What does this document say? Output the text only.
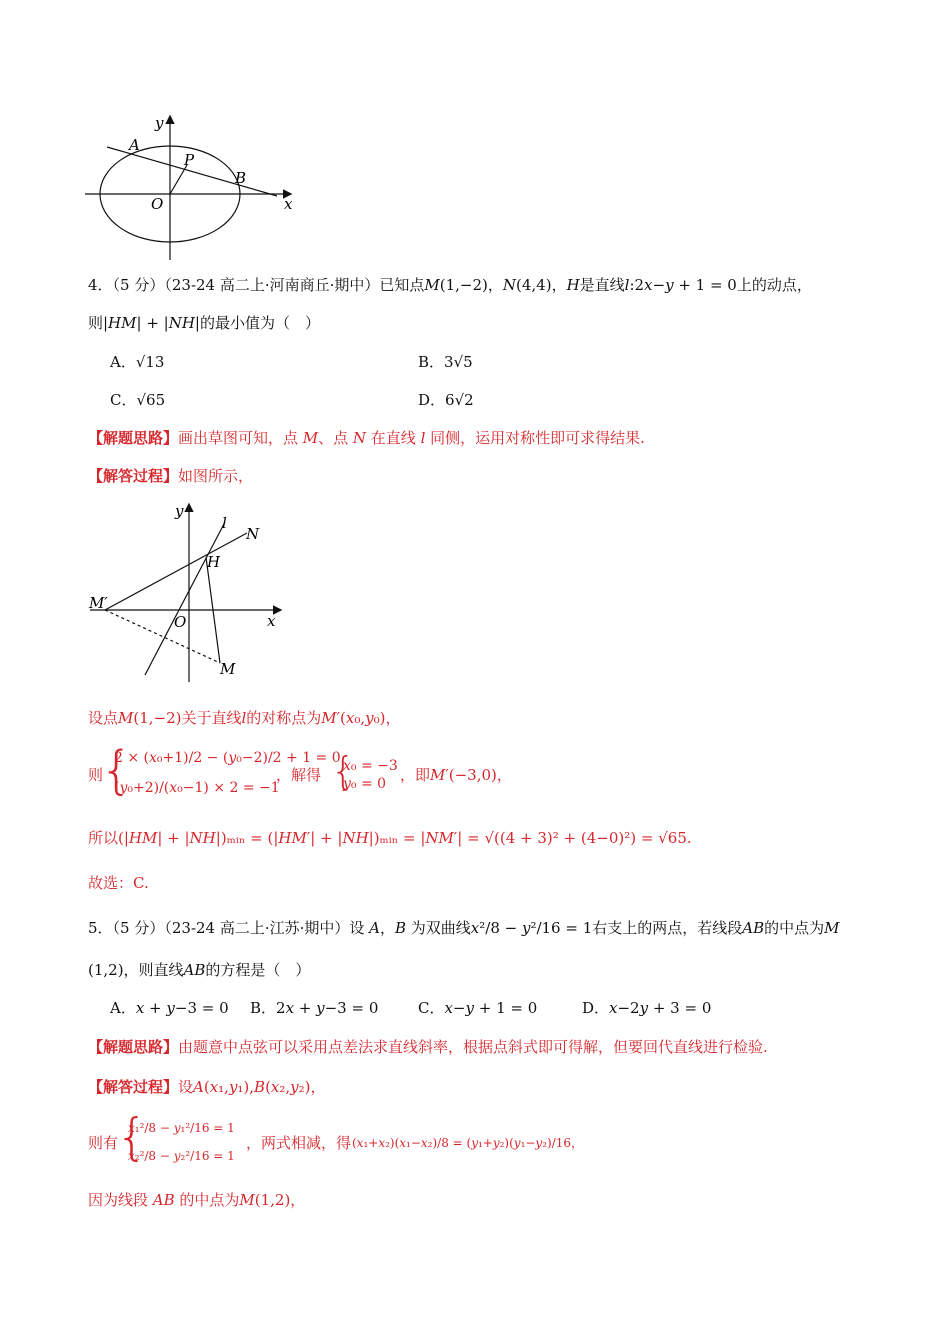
y
x
A
P
B
O
4．（5 分）（23-24 高二上·河南商丘·期中）已知点𝑀(1,−2)，𝑁(4,4)，𝐻是直线𝑙:2𝑥−𝑦 + 1 = 0上的动点，
则|𝐻𝑀| + |𝑁𝐻|的最小值为（　）
A．√13	B．3√5
C．√65	D．6√2
【解题思路】画出草图可知，点 𝑀、点 𝑁 在直线 𝑙 同侧，运用对称性即可求得结果.
【解答过程】如图所示，
y
l
N
H
M′
O	x
M
设点𝑀(1,−2)关于直线𝑙的对称点为𝑀′(𝑥₀,𝑦₀)，
则
{
2 × (𝑥₀+1)/2 − (𝑦₀−2)/2 + 1 = 0
(𝑦₀+2)/(𝑥₀−1) × 2 = −1
，解得 {
𝑥₀ = −3
𝑦₀ = 0 ，即𝑀′(−3,0)，
所以(|𝐻𝑀| + |𝑁𝐻|)ₘᵢₙ = (|𝐻𝑀′| + |𝑁𝐻|)ₘᵢₙ = |𝑁𝑀′| = √((4 + 3)² + (4−0)²) = √65.
故选：C.
5．（5 分）（23-24 高二上·江苏·期中）设 𝐴，𝐵 为双曲线𝑥²/8 − 𝑦²/16 = 1右支上的两点，若线段𝐴𝐵的中点为𝑀
(1,2)，则直线𝐴𝐵的方程是（　）
A．𝑥 + 𝑦−3 = 0 B．2𝑥 + 𝑦−3 = 0	C．𝑥−𝑦 + 1 = 0	D．𝑥−2𝑦 + 3 = 0
【解题思路】由题意中点弦可以采用点差法求直线斜率，根据点斜式即可得解，但要回代直线进行检验.
【解答过程】设𝐴(𝑥₁,𝑦₁),𝐵(𝑥₂,𝑦₂)，
则有
{
𝑥₁²/8 − 𝑦₁²/16 = 1
𝑥₂²/8 − 𝑦₂²/16 = 1
，两式相减，得 (𝑥₁+𝑥₂)(𝑥₁−𝑥₂)/8 = (𝑦₁+𝑦₂)(𝑦₁−𝑦₂)/16，
因为线段 𝐴𝐵 的中点为𝑀(1,2)，
